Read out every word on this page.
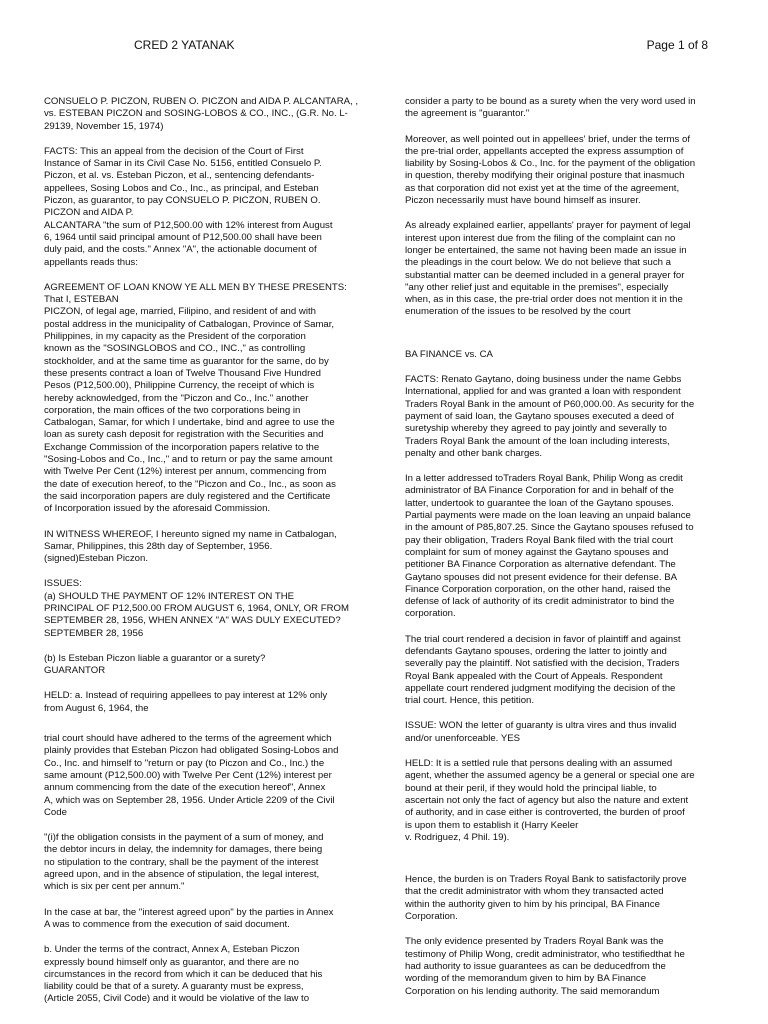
CRED 2 YATANAK	Page 1 of 8

CONSUELO P. PICZON, RUBEN O. PICZON and AIDA P. ALCANTARA, ,
vs. ESTEBAN PICZON and SOSING-LOBOS & CO., INC., (G.R. No. L-
29139, November 15, 1974)

FACTS: This an appeal from the decision of the Court of First
Instance of Samar in its Civil Case No. 5156, entitled Consuelo P.
Piczon, et al. vs. Esteban Piczon, et al., sentencing defendants-
appellees, Sosing Lobos and Co., Inc., as principal, and Esteban
Piczon, as guarantor, to pay CONSUELO P. PICZON, RUBEN O.
PICZON and AIDA P.
ALCANTARA "the sum of P12,500.00 with 12% interest from August
6, 1964 until said principal amount of P12,500.00 shall have been
duly paid, and the costs." Annex "A", the actionable document of
appellants reads thus:

AGREEMENT OF LOAN KNOW YE ALL MEN BY THESE PRESENTS:
That I, ESTEBAN
PICZON, of legal age, married, Filipino, and resident of and with
postal address in the municipality of Catbalogan, Province of Samar,
Philippines, in my capacity as the President of the corporation
known as the "SOSINGLOBOS and CO., INC.," as controlling
stockholder, and at the same time as guarantor for the same, do by
these presents contract a loan of Twelve Thousand Five Hundred
Pesos (P12,500.00), Philippine Currency, the receipt of which is
hereby acknowledged, from the "Piczon and Co., Inc." another
corporation, the main offices of the two corporations being in
Catbalogan, Samar, for which I undertake, bind and agree to use the
loan as surety cash deposit for registration with the Securities and
Exchange Commission of the incorporation papers relative to the
"Sosing-Lobos and Co., Inc.," and to return or pay the same amount
with Twelve Per Cent (12%) interest per annum, commencing from
the date of execution hereof, to the "Piczon and Co., Inc., as soon as
the said incorporation papers are duly registered and the Certificate
of Incorporation issued by the aforesaid Commission.

IN WITNESS WHEREOF, I hereunto signed my name in Catbalogan,
Samar, Philippines, this 28th day of September, 1956.
(signed)Esteban Piczon.

ISSUES:
(a) SHOULD THE PAYMENT OF 12% INTEREST ON THE
PRINCIPAL OF P12,500.00 FROM AUGUST 6, 1964, ONLY, OR FROM
SEPTEMBER 28, 1956, WHEN ANNEX "A" WAS DULY EXECUTED?
SEPTEMBER 28, 1956

(b) Is Esteban Piczon liable a guarantor or a surety?
GUARANTOR

HELD: a. Instead of requiring appellees to pay interest at 12% only
from August 6, 1964, the

trial court should have adhered to the terms of the agreement which
plainly provides that Esteban Piczon had obligated Sosing-Lobos and
Co., Inc. and himself to "return or pay (to Piczon and Co., Inc.) the
same amount (P12,500.00) with Twelve Per Cent (12%) interest per
annum commencing from the date of the execution hereof", Annex
A, which was on September 28, 1956. Under Article 2209 of the Civil
Code

"(i)f the obligation consists in the payment of a sum of money, and
the debtor incurs in delay, the indemnity for damages, there being
no stipulation to the contrary, shall be the payment of the interest
agreed upon, and in the absence of stipulation, the legal interest,
which is six per cent per annum."

In the case at bar, the "interest agreed upon" by the parties in Annex
A was to commence from the execution of said document.

b. Under the terms of the contract, Annex A, Esteban Piczon
expressly bound himself only as guarantor, and there are no
circumstances in the record from which it can be deduced that his
liability could be that of a surety. A guaranty must be express,
(Article 2055, Civil Code) and it would be violative of the law to

consider a party to be bound as a surety when the very word used in
the agreement is "guarantor."

Moreover, as well pointed out in appellees' brief, under the terms of
the pre-trial order, appellants accepted the express assumption of
liability by Sosing-Lobos & Co., Inc. for the payment of the obligation
in question, thereby modifying their original posture that inasmuch
as that corporation did not exist yet at the time of the agreement,
Piczon necessarily must have bound himself as insurer.

As already explained earlier, appellants' prayer for payment of legal
interest upon interest due from the filing of the complaint can no
longer be entertained, the same not having been made an issue in
the pleadings in the court below. We do not believe that such a
substantial matter can be deemed included in a general prayer for
"any other relief just and equitable in the premises", especially
when, as in this case, the pre-trial order does not mention it in the
enumeration of the issues to be resolved by the court

BA FINANCE vs. CA

FACTS: Renato Gaytano, doing business under the name Gebbs
International, applied for and was granted a loan with respondent
Traders Royal Bank in the amount of P60,000.00. As security for the
payment of said loan, the Gaytano spouses executed a deed of
suretyship whereby they agreed to pay jointly and severally to
Traders Royal Bank the amount of the loan including interests,
penalty and other bank charges.

In a letter addressed toTraders Royal Bank, Philip Wong as credit
administrator of BA Finance Corporation for and in behalf of the
latter, undertook to guarantee the loan of the Gaytano spouses.
Partial payments were made on the loan leaving an unpaid balance
in the amount of P85,807.25. Since the Gaytano spouses refused to
pay their obligation, Traders Royal Bank filed with the trial court
complaint for sum of money against the Gaytano spouses and
petitioner BA Finance Corporation as alternative defendant. The
Gaytano spouses did not present evidence for their defense. BA
Finance Corporation corporation, on the other hand, raised the
defense of lack of authority of its credit administrator to bind the
corporation.

The trial court rendered a decision in favor of plaintiff and against
defendants Gaytano spouses, ordering the latter to jointly and
severally pay the plaintiff. Not satisfied with the decision, Traders
Royal Bank appealed with the Court of Appeals. Respondent
appellate court rendered judgment modifying the decision of the
trial court. Hence, this petition.

ISSUE: WON the letter of guaranty is ultra vires and thus invalid
and/or unenforceable. YES

HELD: It is a settled rule that persons dealing with an assumed
agent, whether the assumed agency be a general or special one are
bound at their peril, if they would hold the principal liable, to
ascertain not only the fact of agency but also the nature and extent
of authority, and in case either is controverted, the burden of proof
is upon them to establish it (Harry Keeler
v. Rodriguez, 4 Phil. 19).

Hence, the burden is on Traders Royal Bank to satisfactorily prove
that the credit administrator with whom they transacted acted
within the authority given to him by his principal, BA Finance
Corporation.

The only evidence presented by Traders Royal Bank was the
testimony of Philip Wong, credit administrator, who testifiedthat he
had authority to issue guarantees as can be deducedfrom the
wording of the memorandum given to him by BA Finance
Corporation on his lending authority. The said memorandum
